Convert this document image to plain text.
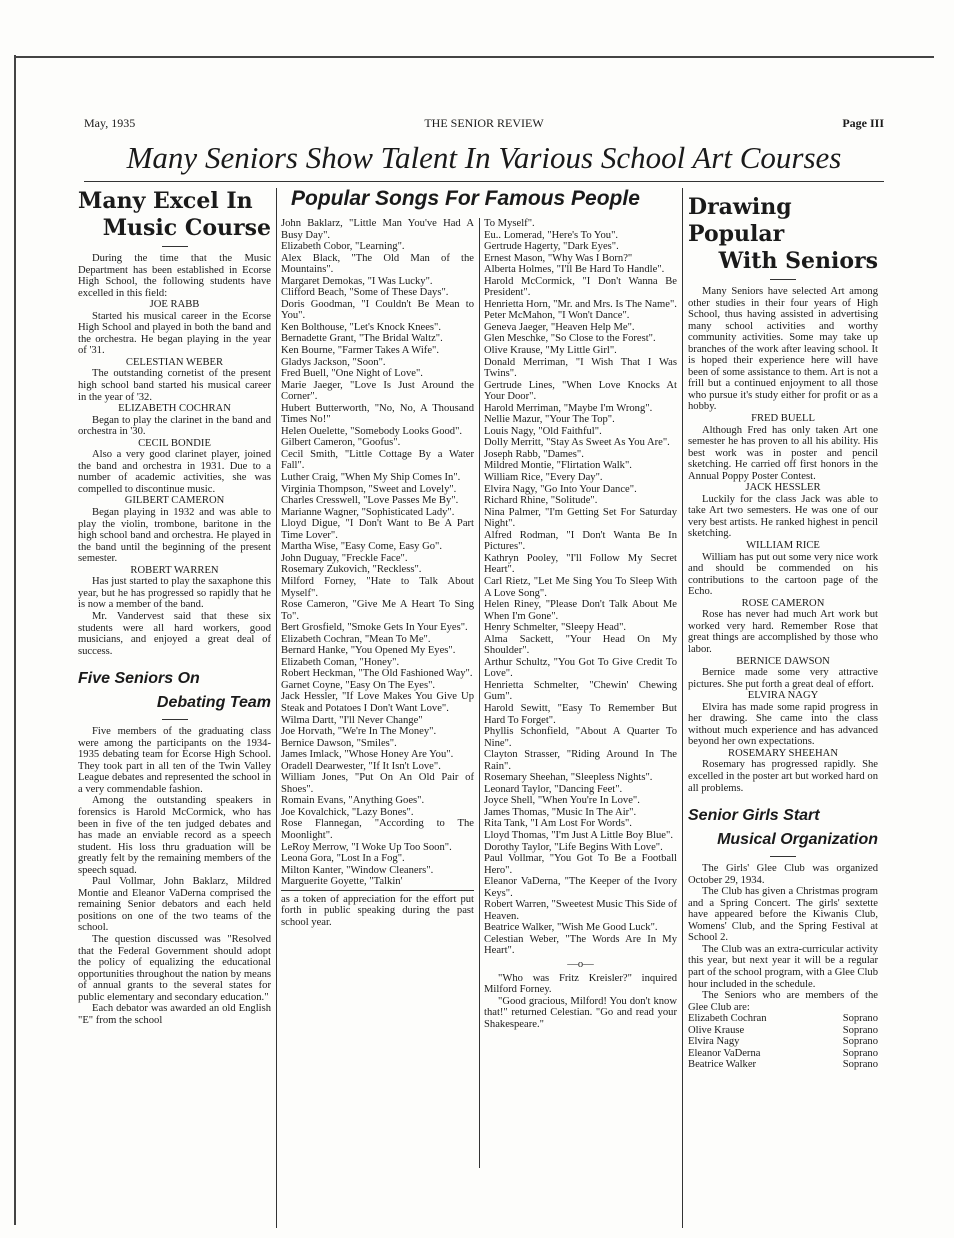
May, 1935	THE SENIOR REVIEW	Page III
Many Seniors Show Talent In Various School Art Courses
Many Excel In
Music Course

During the time that the Music Department has been established in Ecorse High School, the following students have excelled in this field:

JOE RABB

Started his musical career in the Ecorse High School and played in both the band and the orchestra. He began playing in the year of '31.

CELESTIAN WEBER

The outstanding cornetist of the present high school band started his musical career in the year of '32.

ELIZABETH COCHRAN

Began to play the clarinet in the band and orchestra in '30.

CECIL BONDIE

Also a very good clarinet player, joined the band and orchestra in 1931. Due to a number of academic activities, she was compelled to discontinue music.

GILBERT CAMERON

Began playing in 1932 and was able to play the violin, trombone, baritone in the high school band and orchestra. He played in the band until the beginning of the present semester.

ROBERT WARREN

Has just started to play the saxaphone this year, but he has progressed so rapidly that he is now a member of the band.

Mr. Vandervest said that these six students were all hard workers, good musicians, and enjoyed a great deal of success.

Five Seniors On
Debating Team

Five members of the graduating class were among the participants on the 1934-1935 debating team for Ecorse High School. They took part in all ten of the Twin Valley League debates and represented the school in a very commendable fashion.

Among the outstanding speakers in forensics is Harold McCormick, who has been in five of the ten judged debates and has made an enviable record as a speech student. His loss thru graduation will be greatly felt by the remaining members of the speech squad.

Paul Vollmar, John Baklarz, Mildred Montie and Eleanor VaDerna comprised the remaining Senior debators and each held positions on one of the two teams of the school.

The question discussed was "Resolved that the Federal Government should adopt the policy of equalizing the educational opportunities throughout the nation by means of annual grants to the several states for public elementary and secondary education."

Each debator was awarded an old English "E" from the school

Popular Songs For Famous People

John Baklarz, "Little Man You've Had A Busy Day".

Elizabeth Cobor, "Learning".

Alex Black, "The Old Man of the Mountains".

Margaret Demokas, "I Was Lucky".

Clifford Beach, "Some of These Days".

Doris Goodman, "I Couldn't Be Mean to You".

Ken Bolthouse, "Let's Knock Knees".

Bernadette Grant, "The Bridal Waltz".

Ken Bourne, "Farmer Takes A Wife".

Gladys Jackson, "Soon".

Fred Buell, "One Night of Love".

Marie Jaeger, "Love Is Just Around the Corner".

Hubert Butterworth, "No, No, A Thousand Times No!"

Helen Ouelette, "Somebody Looks Good".

Gilbert Cameron, "Goofus".

Cecil Smith, "Little Cottage By a Water Fall".

Luther Craig, "When My Ship Comes In".

Virginia Thompson, "Sweet and Lovely".

Charles Cresswell, "Love Passes Me By".

Marianne Wagner, "Sophisticated Lady".

Lloyd Digue, "I Don't Want to Be A Part Time Lover".

Martha Wise, "Easy Come, Easy Go".

John Duguay, "Freckle Face".

Rosemary Zukovich, "Reckless".

Milford Forney, "Hate to Talk About Myself".

Rose Cameron, "Give Me A Heart To Sing To".

Bert Grosfield, "Smoke Gets In Your Eyes".

Elizabeth Cochran, "Mean To Me".

Bernard Hanke, "You Opened My Eyes".

Elizabeth Coman, "Honey".

Robert Heckman, "The Old Fashioned Way".

Garnet Coyne, "Easy On The Eyes".

Jack Hessler, "If Love Makes You Give Up Steak and Potatoes I Don't Want Love".

Wilma Dartt, "I'll Never Change"

Joe Horvath, "We're In The Money".

Bernice Dawson, "Smiles".

James Imlack, "Whose Honey Are You".

Oradell Dearwester, "If It Isn't Love".

William Jones, "Put On An Old Pair of Shoes".

Romain Evans, "Anything Goes".

Joe Kovalchick, "Lazy Bones".

Rose Flannegan, "According to The Moonlight".

LeRoy Merrow, "I Woke Up Too Soon".

Leona Gora, "Lost In a Fog".

Milton Kanter, "Window Cleaners".

Marguerite Goyette, "Talkin'

as a token of appreciation for the effort put forth in public speaking during the past school year.

To Myself".

Eu.. Lomerad, "Here's To You".

Gertrude Hagerty, "Dark Eyes".

Ernest Mason, "Why Was I Born?"

Alberta Holmes, "I'll Be Hard To Handle".

Harold McCormick, "I Don't Wanna Be President".

Henrietta Horn, "Mr. and Mrs. Is The Name".

Peter McMahon, "I Won't Dance".

Geneva Jaeger, "Heaven Help Me".

Glen Meschke, "So Close to the Forest".

Olive Krause, "My Little Girl".

Donald Merriman, "I Wish That I Was Twins".

Gertrude Lines, "When Love Knocks At Your Door".

Harold Merriman, "Maybe I'm Wrong".

Nellie Mazur, "Your The Top".

Louis Nagy, "Old Faithful".

Dolly Merritt, "Stay As Sweet As You Are".

Joseph Rabb, "Dames".

Mildred Montie, "Flirtation Walk".

William Rice, "Every Day".

Elvira Nagy, "Go Into Your Dance".

Richard Rhine, "Solitude".

Nina Palmer, "I'm Getting Set For Saturday Night".

Alfred Rodman, "I Don't Wanta Be In Pictures".

Kathryn Pooley, "I'll Follow My Secret Heart".

Carl Rietz, "Let Me Sing You To Sleep With A Love Song".

Helen Riney, "Please Don't Talk About Me When I'm Gone".

Henry Schmelter, "Sleepy Head".

Alma Sackett, "Your Head On My Shoulder".

Arthur Schultz, "You Got To Give Credit To Love".

Henrietta Schmelter, "Chewin' Chewing Gum".

Harold Sewitt, "Easy To Remember But Hard To Forget".

Phyllis Schonfield, "About A Quarter To Nine".

Clayton Strasser, "Riding Around In The Rain".

Rosemary Sheehan, "Sleepless Nights".

Leonard Taylor, "Dancing Feet".

Joyce Shell, "When You're In Love".

James Thomas, "Music In The Air".

Rita Tank, "I Am Lost For Words".

Lloyd Thomas, "I'm Just A Little Boy Blue".

Dorothy Taylor, "Life Begins With Love".

Paul Vollmar, "You Got To Be a Football Hero".

Eleanor VaDerna, "The Keeper of the Ivory Keys".

Robert Warren, "Sweetest Music This Side of Heaven.

Beatrice Walker, "Wish Me Good Luck".

Celestian Weber, "The Words Are In My Heart".

—o—

"Who was Fritz Kreisler?" inquired Milford Forney.

"Good gracious, Milford! You don't know that!" returned Celestian. "Go and read your Shakespeare."

Drawing Popular
With Seniors

Many Seniors have selected Art among other studies in their four years of High School, thus having assisted in advertising many school activities and worthy community activities. Some may take up branches of the work after leaving school. It is hoped their experience here will have been of some assistance to them. Art is not a frill but a continued enjoyment to all those who pursue it's study either for profit or as a hobby.

FRED BUELL

Although Fred has only taken Art one semester he has proven to all his ability. His best work was in poster and pencil sketching. He carried off first honors in the Annual Poppy Poster Contest.

JACK HESSLER

Luckily for the class Jack was able to take Art two semesters. He was one of our very best artists. He ranked highest in pencil sketching.

WILLIAM RICE

William has put out some very nice work and should be commended on his contributions to the cartoon page of the Echo.

ROSE CAMERON

Rose has never had much Art work but worked very hard. Remember Rose that great things are accomplished by those who labor.

BERNICE DAWSON

Bernice made some very attractive pictures. She put forth a great deal of effort.

ELVIRA NAGY

Elvira has made some rapid progress in her drawing. She came into the class without much experience and has advanced beyond her own expectations.

ROSEMARY SHEEHAN

Rosemary has progressed rapidly. She excelled in the poster art but worked hard on all problems.

Senior Girls Start
Musical Organization

The Girls' Glee Club was organized October 29, 1934.

The Club has given a Christmas program and a Spring Concert. The girls' sextette have appeared before the Kiwanis Club, Womens' Club, and the Spring Festival at School 2.

The Club was an extra-curricular activity this year, but next year it will be a regular part of the school program, with a Glee Club hour included in the schedule.

The Seniors who are members of the Glee Club are:

Elizabeth Cochran	Soprano
Olive Krause	Soprano
Elvira Nagy	Soprano
Eleanor VaDerna	Soprano
Beatrice Walker	Soprano
